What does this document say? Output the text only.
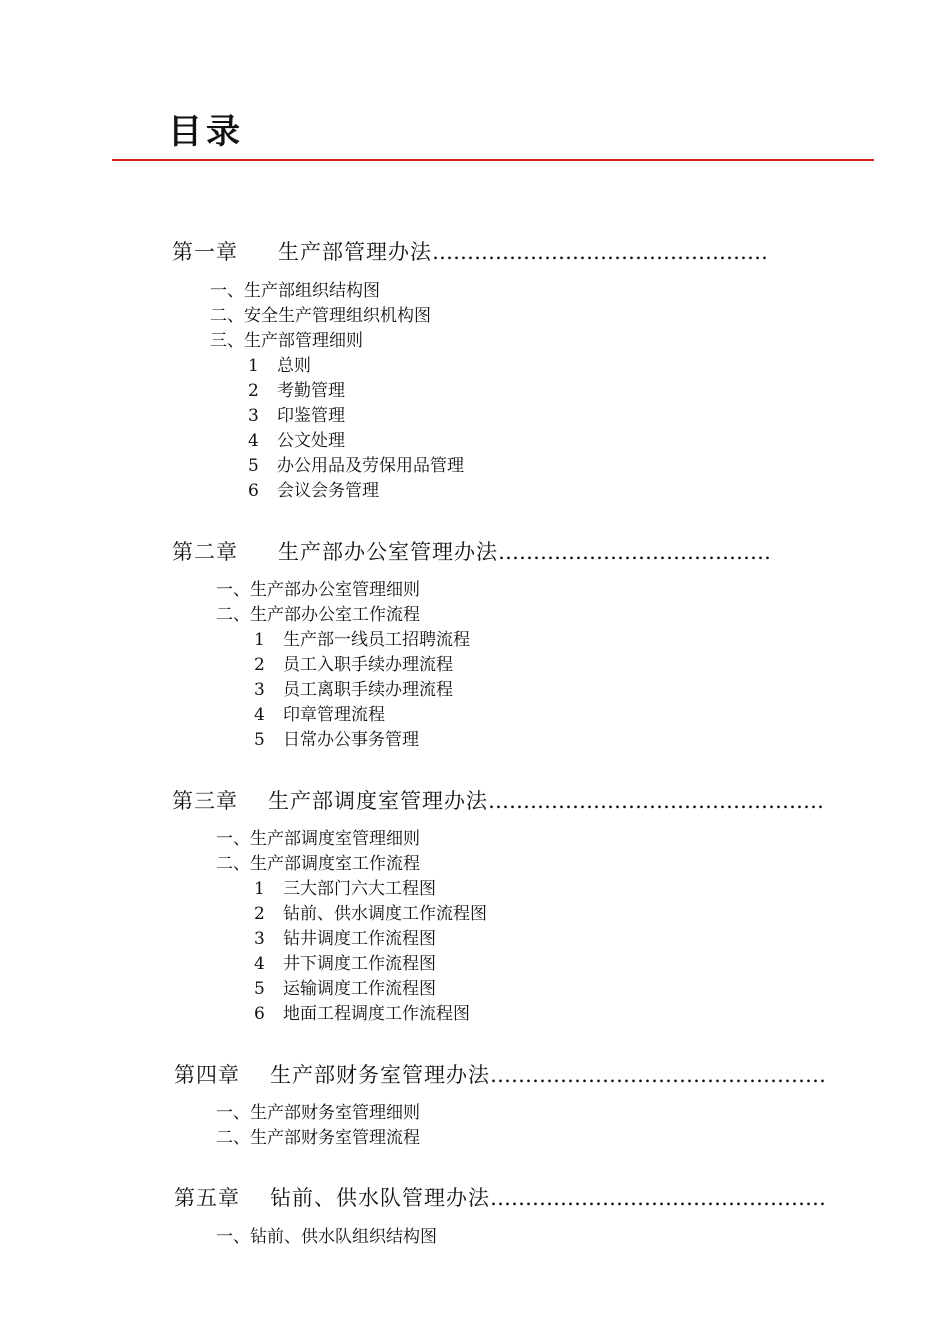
目录
第一章 生产部管理办法…………………………………………
一、生产部组织结构图
二、安全生产管理组织机构图
三、生产部管理细则
1 总则
2 考勤管理
3 印鉴管理
4 公文处理
5 办公用品及劳保用品管理
6 会议会务管理
第二章 生产部办公室管理办法…………………………………
一、生产部办公室管理细则
二、生产部办公室工作流程
1 生产部一线员工招聘流程
2 员工入职手续办理流程
3 员工离职手续办理流程
4 印章管理流程
5 日常办公事务管理
第三章 生产部调度室管理办法…………………………………………
一、生产部调度室管理细则
二、生产部调度室工作流程
1 三大部门六大工程图
2 钻前、供水调度工作流程图
3 钻井调度工作流程图
4 井下调度工作流程图
5 运输调度工作流程图
6 地面工程调度工作流程图
第四章 生产部财务室管理办法…………………………………………
一、生产部财务室管理细则
二、生产部财务室管理流程
第五章 钻前、供水队管理办法…………………………………………
一、钻前、供水队组织结构图
